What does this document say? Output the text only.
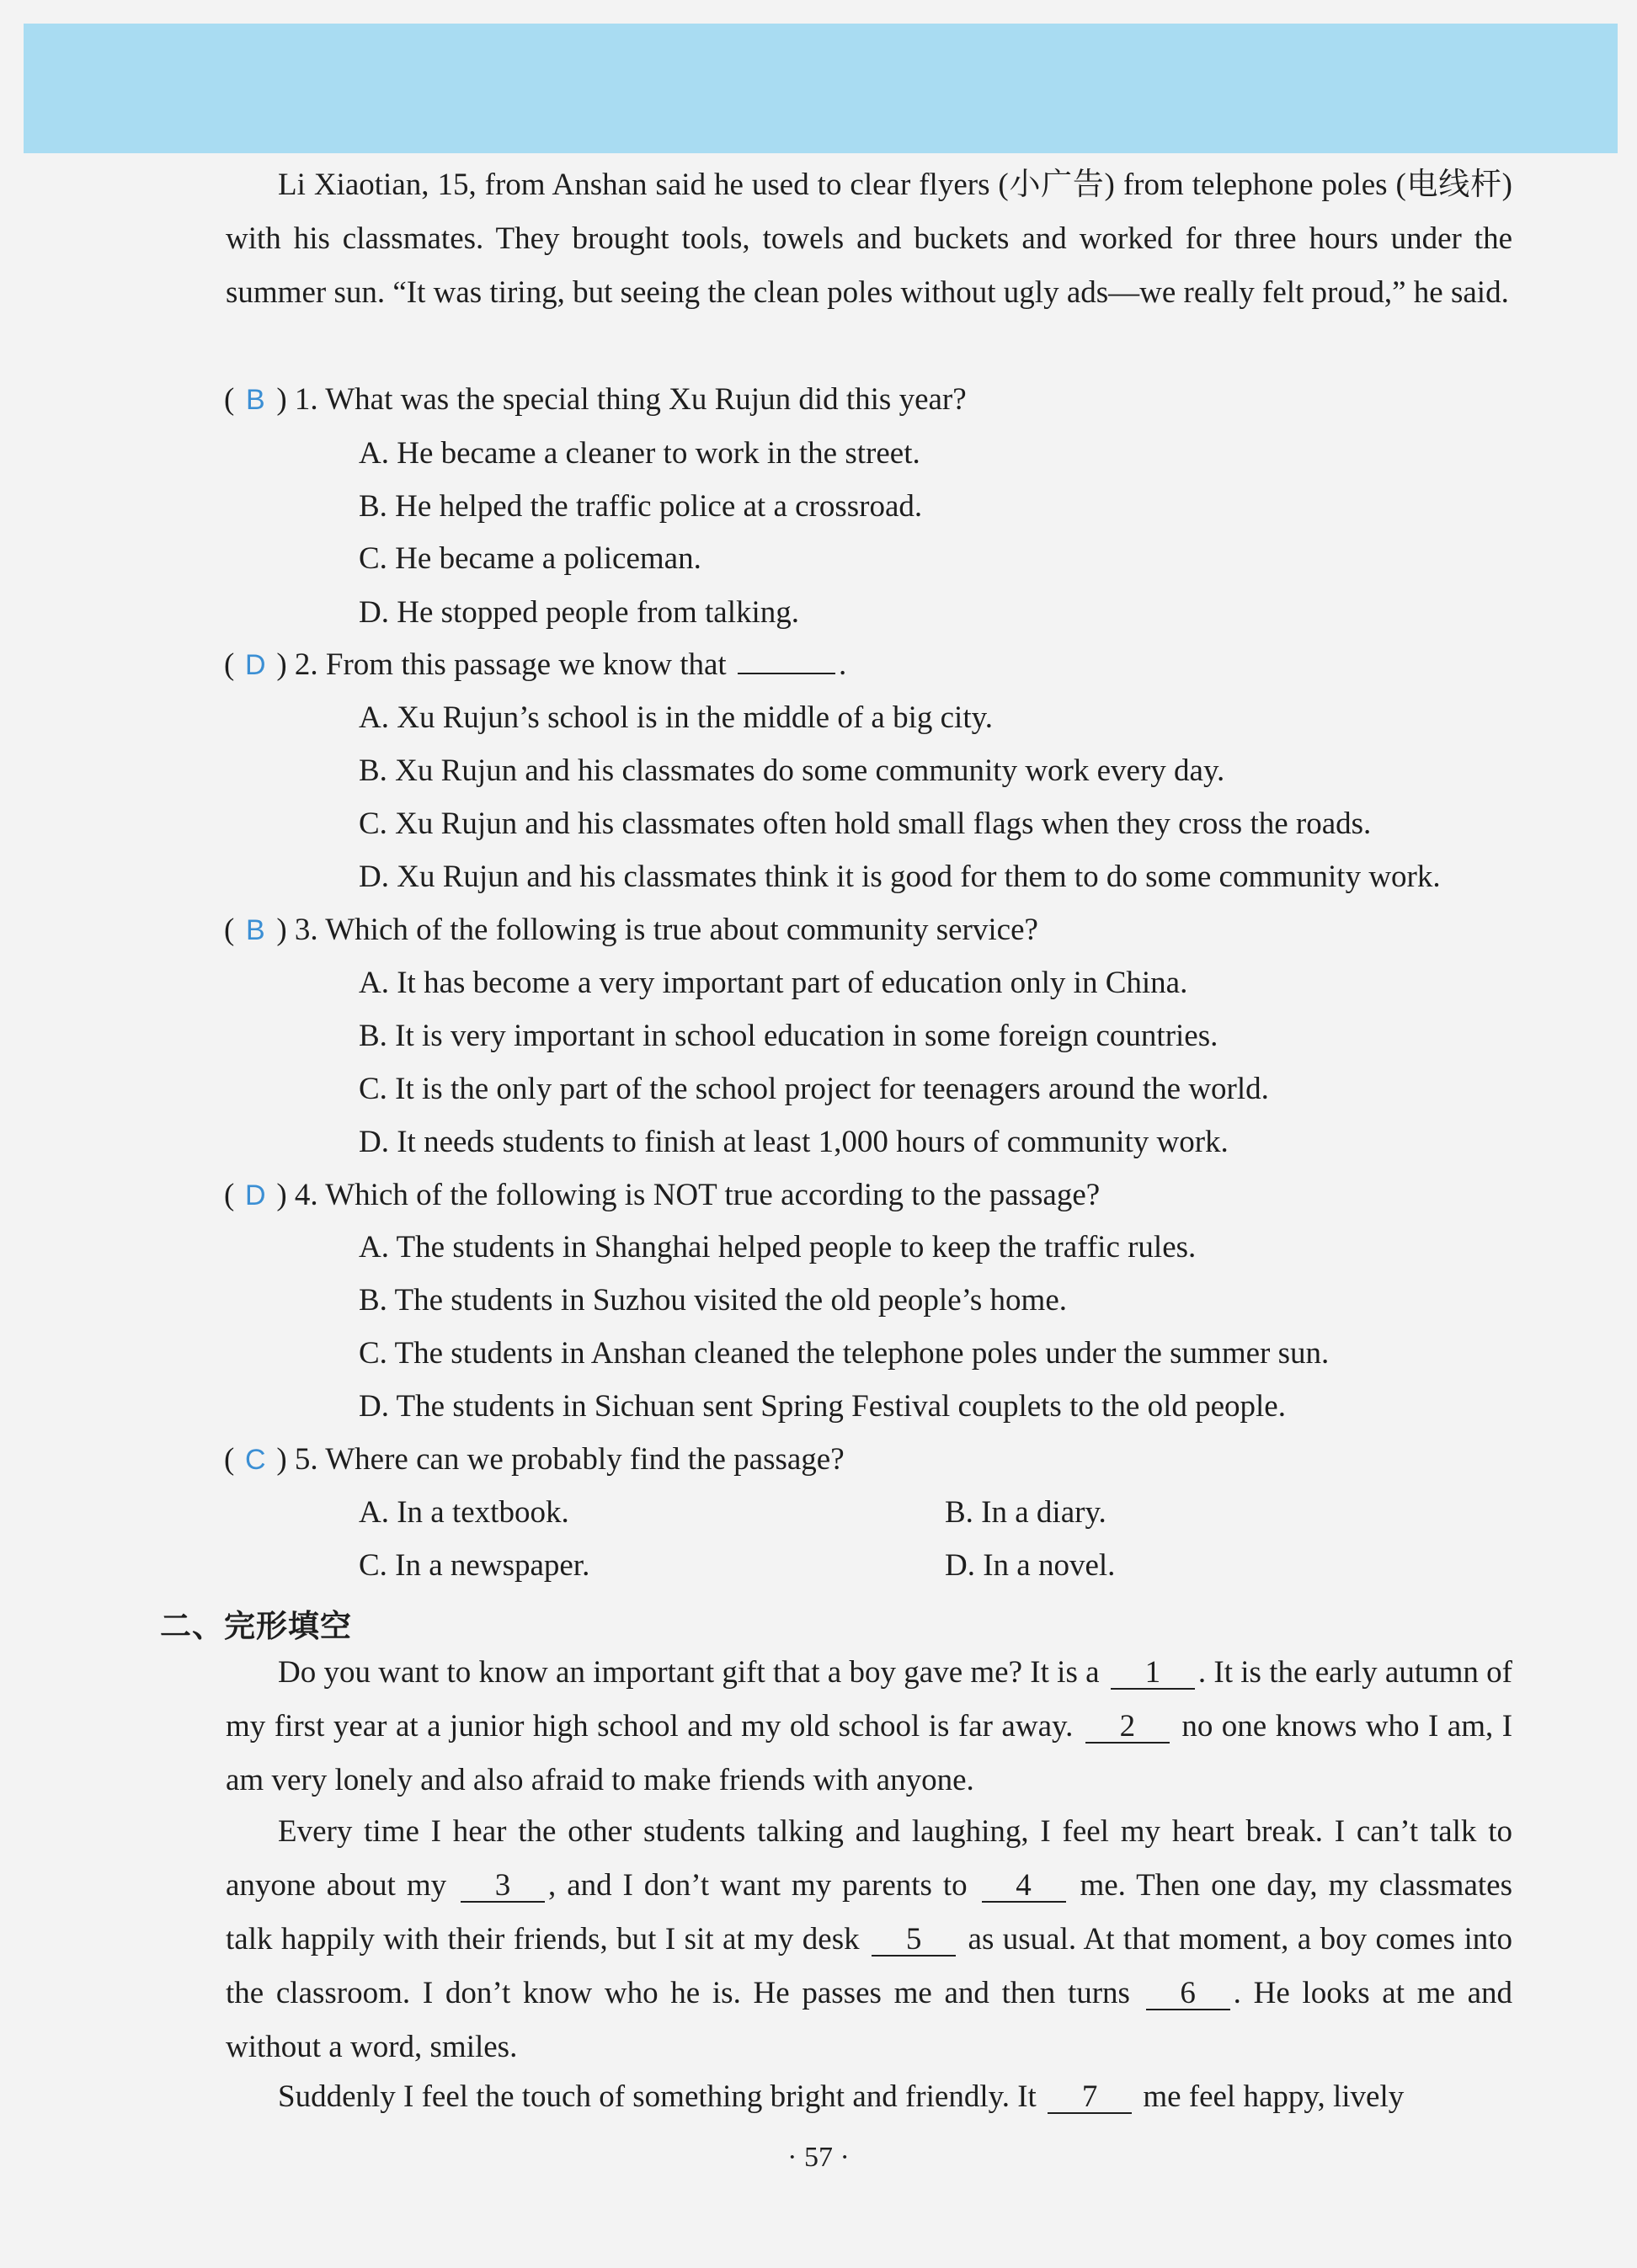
Li Xiaotian, 15, from Anshan said he used to clear flyers (小广告) from telephone poles (电线杆) with his classmates. They brought tools, towels and buckets and worked for three hours under the summer sun. “It was tiring, but seeing the clean poles without ugly ads—we really felt proud,” he said.
( B ) 1. What was the special thing Xu Rujun did this year?
A. He became a cleaner to work in the street.
B. He helped the traffic police at a crossroad.
C. He became a policeman.
D. He stopped people from talking.
( D ) 2. From this passage we know that	.
A. Xu Rujun’s school is in the middle of a big city.
B. Xu Rujun and his classmates do some community work every day.
C. Xu Rujun and his classmates often hold small flags when they cross the roads.
D. Xu Rujun and his classmates think it is good for them to do some community work.
( B ) 3. Which of the following is true about community service?
A. It has become a very important part of education only in China.
B. It is very important in school education in some foreign countries.
C. It is the only part of the school project for teenagers around the world.
D. It needs students to finish at least 1,000 hours of community work.
( D ) 4. Which of the following is NOT true according to the passage?
A. The students in Shanghai helped people to keep the traffic rules.
B. The students in Suzhou visited the old people’s home.
C. The students in Anshan cleaned the telephone poles under the summer sun.
D. The students in Sichuan sent Spring Festival couplets to the old people.
( C ) 5. Where can we probably find the passage?
A. In a textbook.	B. In a diary.
C. In a newspaper.	D. In a novel.
二、完形填空
Do you want to know an important gift that a boy gave me? It is a 1 . It is the early autumn of my first year at a junior high school and my old school is far away. 2 no one knows who I am, I am very lonely and also afraid to make friends with anyone.
Every time I hear the other students talking and laughing, I feel my heart break. I can’t talk to anyone about my 3 , and I don’t want my parents to 4 me. Then one day, my classmates talk happily with their friends, but I sit at my desk 5 as usual. At that moment, a boy comes into the classroom. I don’t know who he is. He passes me and then turns 6 . He looks at me and without a word, smiles.
Suddenly I feel the touch of something bright and friendly. It 7 me feel happy, lively
· 57 ·
